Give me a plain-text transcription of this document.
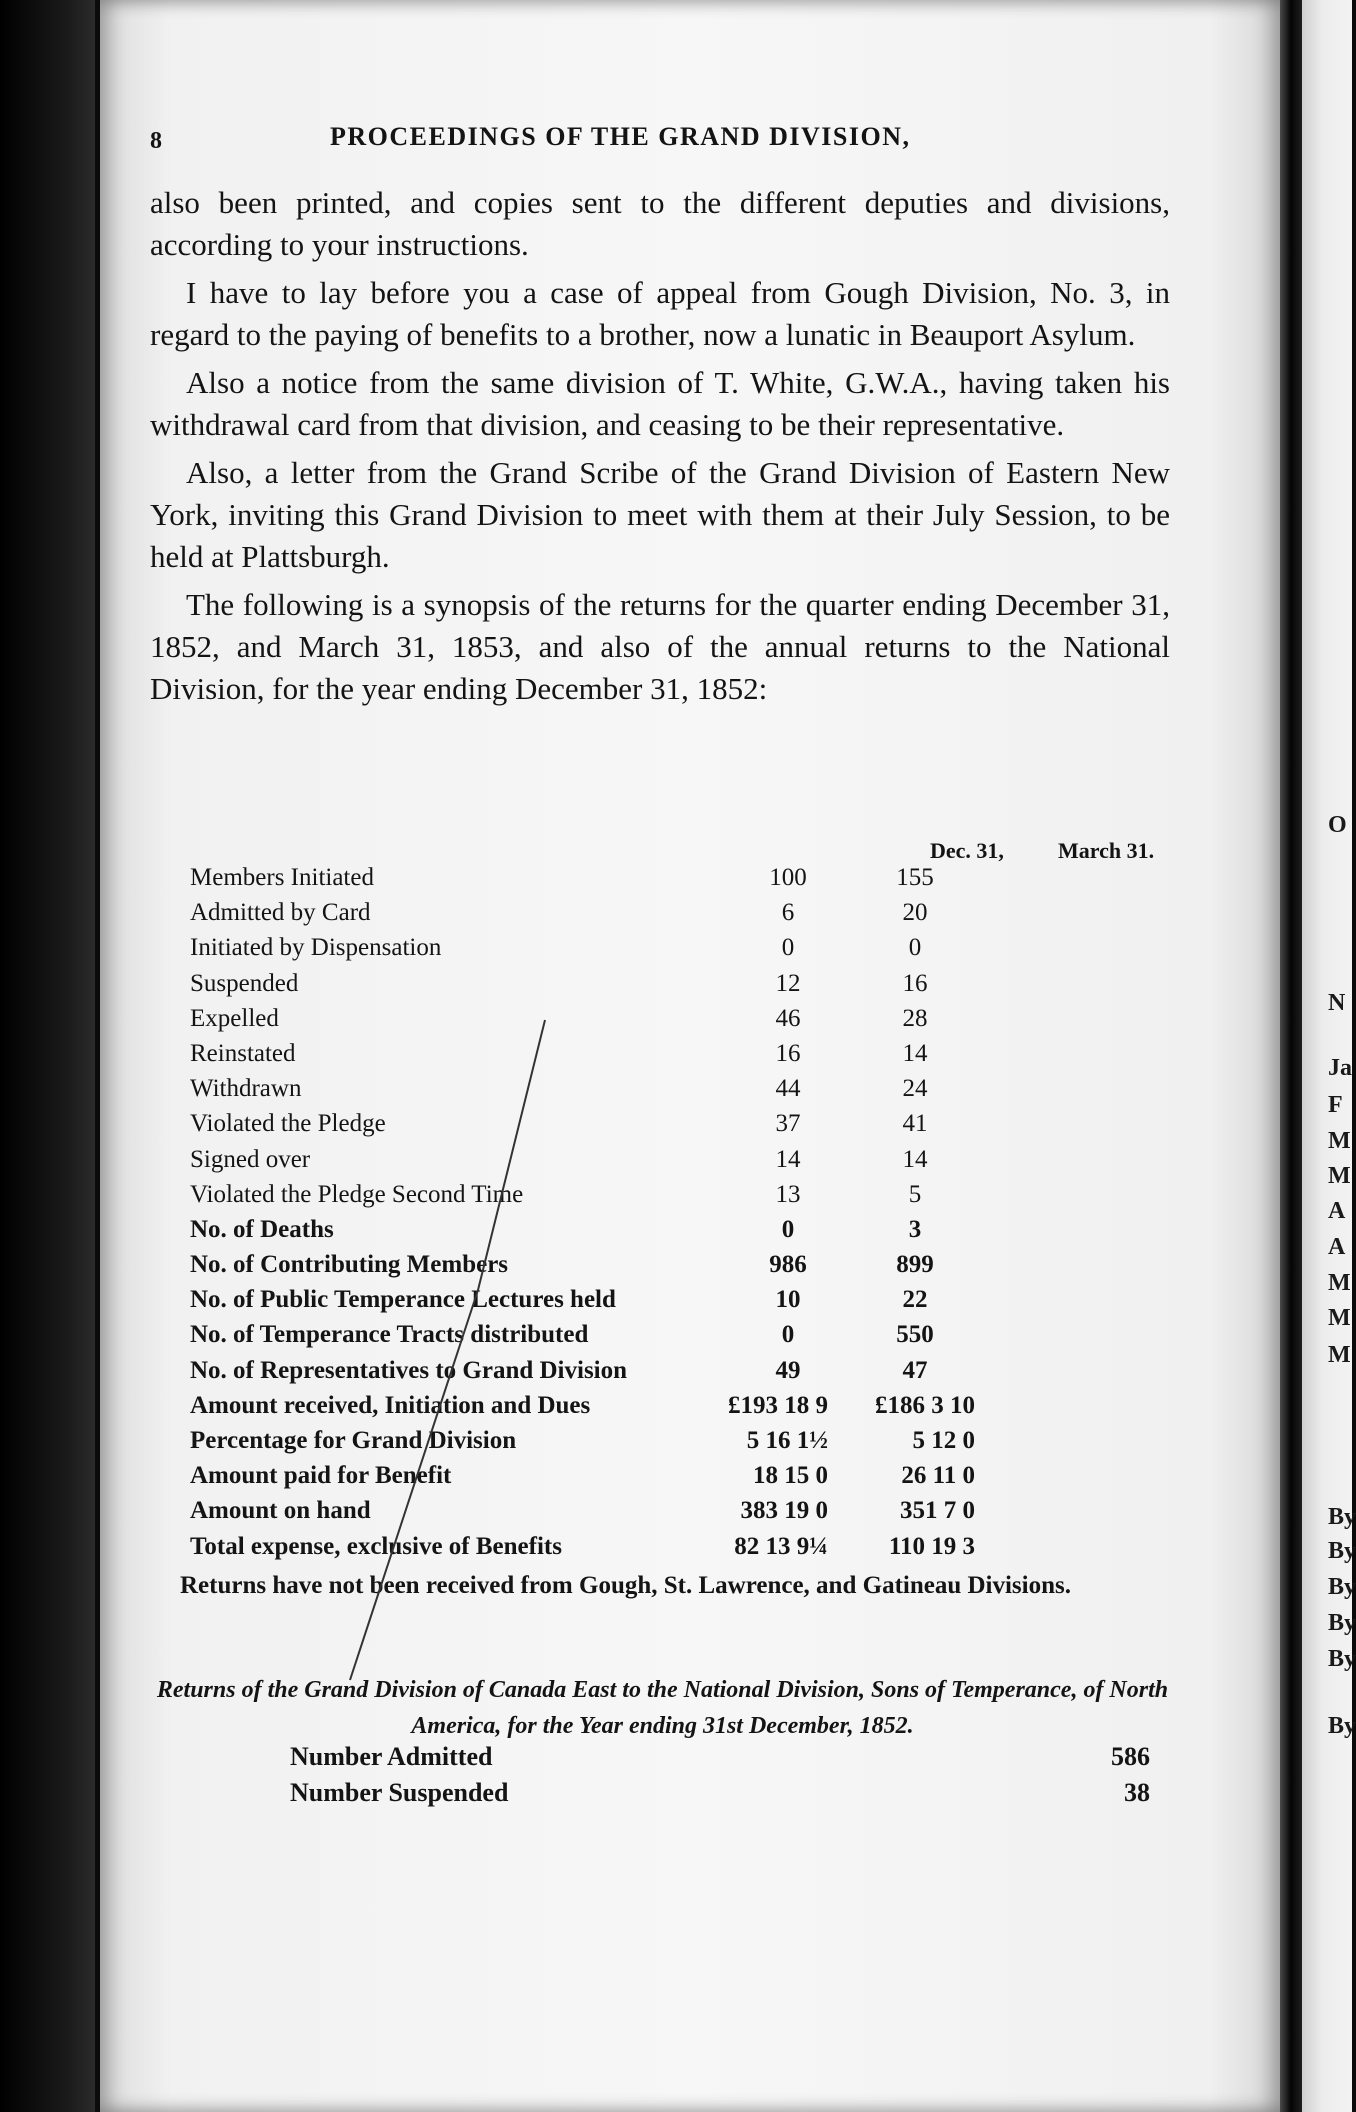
8	PROCEEDINGS OF THE GRAND DIVISION,

also been printed, and copies sent to the different deputies and divisions, according to your instructions.

I have to lay before you a case of appeal from Gough Division, No. 3, in regard to the paying of benefits to a brother, now a lunatic in Beauport Asylum.

Also a notice from the same division of T. White, G.W.A., having taken his withdrawal card from that division, and ceasing to be their representative.

Also, a letter from the Grand Scribe of the Grand Division of Eastern New York, inviting this Grand Division to meet with them at their July Session, to be held at Plattsburgh.

The following is a synopsis of the returns for the quarter ending December 31, 1852, and March 31, 1853, and also of the annual returns to the National Division, for the year ending December 31, 1852:

Dec. 31, March 31.
Members Initiated	100	155
Admitted by Card	6	20
Initiated by Dispensation	0	0
Suspended	12	16
Expelled	46	28
Reinstated	16	14
Withdrawn	44	24
Violated the Pledge	37	41
Signed over	14	14
Violated the Pledge Second Time	13	5
No. of Deaths	0	3
No. of Contributing Members	986	899
No. of Public Temperance Lectures held	10	22
No. of Temperance Tracts distributed	0	550
No. of Representatives to Grand Division	49	47
Amount received, Initiation and Dues	£193 18 9	£186 3 10
Percentage for Grand Division	5 16 1½	5 12 0
Amount paid for Benefit	18 15 0	26 11 0
Amount on hand	383 19 0	351 7 0
Total expense, exclusive of Benefits	82 13 9¼	110 19 3
Returns have not been received from Gough, St. Lawrence, and Gatineau Divisions.
Returns of the Grand Division of Canada East to the National Division, Sons of Temperance, of North America, for the Year ending 31st December, 1852.
Number Admitted	586
Number Suspended	38
O
N
Ja
F
M
M
A
A
M
M
M
By
By
By
By
By
By
